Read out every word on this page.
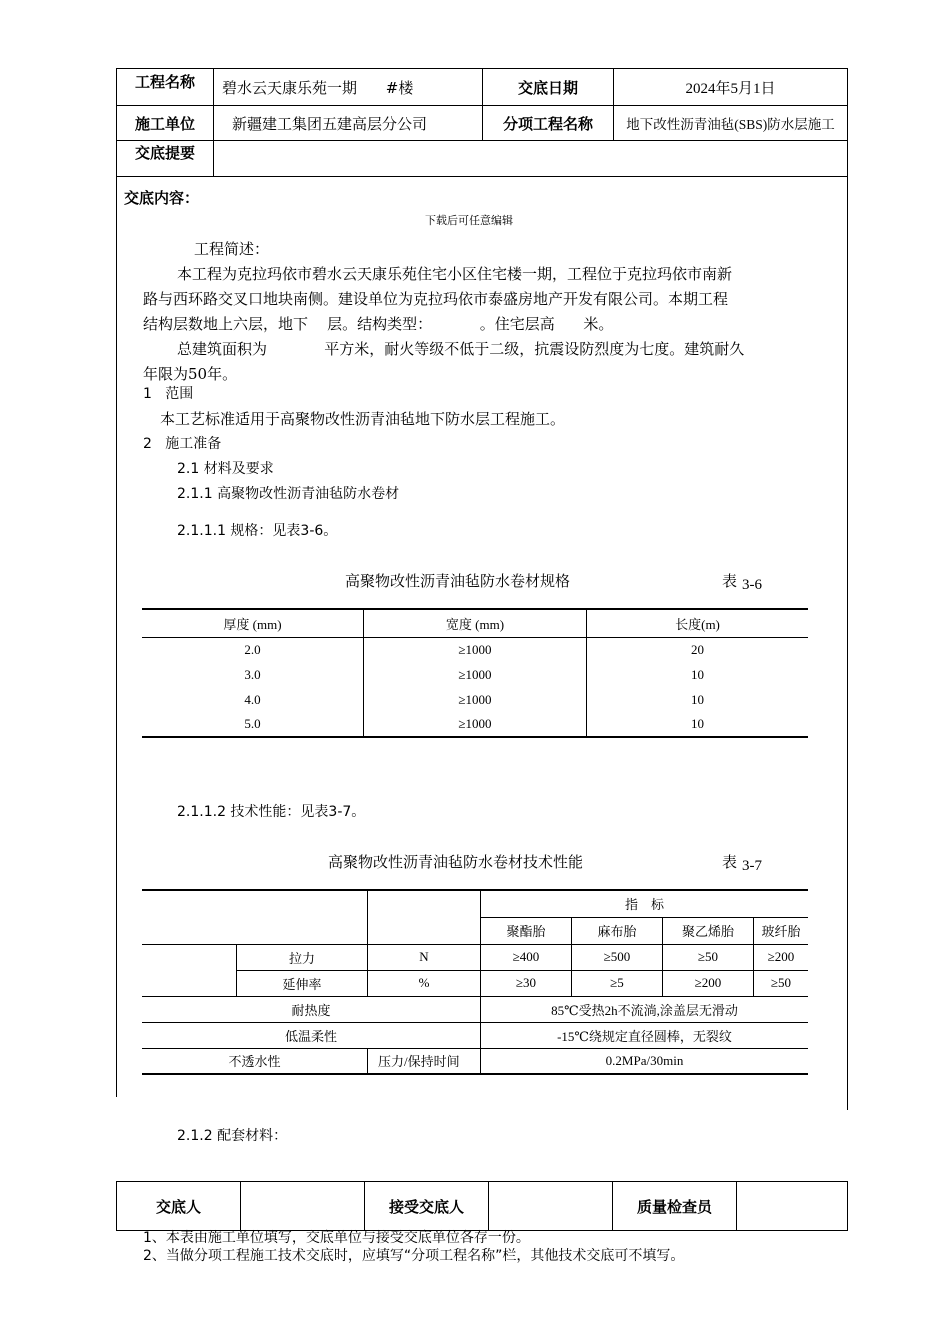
工程名称	碧水云天康乐苑一期 #楼	交底日期	2024年5月1日
施工单位	新疆建工集团五建高层分公司	分项工程名称	地下改性沥青油毡(SBS)防水层施工
交底提要			
交底内容：
下载后可任意编辑
工程简述：
本工程为克拉玛依市碧水云天康乐苑住宅小区住宅楼一期，工程位于克拉玛依市南新
路与西环路交叉口地块南侧。建设单位为克拉玛依市泰盛房地产开发有限公司。本期工程
结构层数地上六层，地下    层。结构类型：          。住宅层高      米。
总建筑面积为            平方米，耐火等级不低于二级，抗震设防烈度为七度。建筑耐久
年限为50年。
1   范围
本工艺标准适用于高聚物改性沥青油毡地下防水层工程施工。
2   施工准备
2.1 材料及要求
2.1.1 高聚物改性沥青油毡防水卷材
2.1.1.1 规格：见表3-6。
高聚物改性沥青油毡防水卷材规格	表 3-6
厚度 (mm)	宽度 (mm)	长度(m)
2.0	≥1000	20
3.0	≥1000	10
4.0	≥1000	10
5.0	≥1000	10
2.1.1.2 技术性能：见表3-7。
高聚物改性沥青油毡防水卷材技术性能	表 3-7
			指    标			
			聚酯胎	麻布胎	聚乙烯胎	玻纤胎
	拉力	N	≥400	≥500	≥50	≥200
	延伸率	%	≥30	≥5	≥200	≥50
耐热度			85℃受热2h不流淌,涂盖层无滑动			
低温柔性			-15℃绕规定直径圆棒，无裂纹			
不透水性		压力/保持时间	0.2MPa/30min			
2.1.2 配套材料：
交底人		接受交底人		质量检查员	
1、本表由施工单位填写，交底单位与接受交底单位各存一份。
2、当做分项工程施工技术交底时，应填写“分项工程名称”栏，其他技术交底可不填写。
